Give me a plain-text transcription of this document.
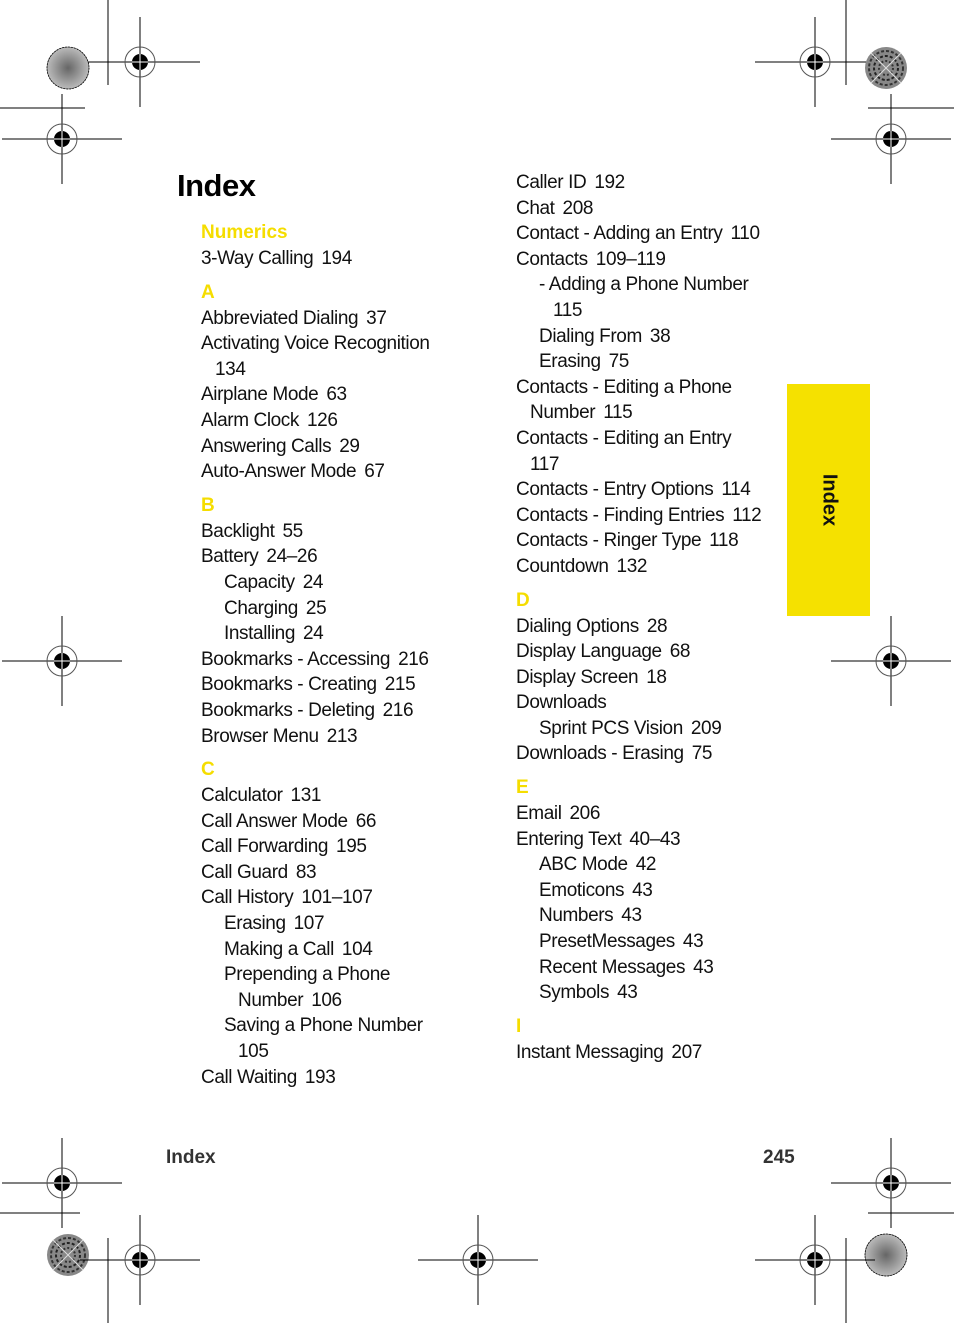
Index
Numerics
3-Way Calling 194
A
Abbreviated Dialing 37
Activating Voice Recognition
134
Airplane Mode 63
Alarm Clock 126
Answering Calls 29
Auto-Answer Mode 67
B
Backlight 55
Battery 24–26
Capacity 24
Charging 25
Installing 24
Bookmarks - Accessing 216
Bookmarks - Creating 215
Bookmarks - Deleting 216
Browser Menu 213
C
Calculator 131
Call Answer Mode 66
Call Forwarding 195
Call Guard 83
Call History 101–107
Erasing 107
Making a Call 104
Prepending a Phone
Number 106
Saving a Phone Number
105
Call Waiting 193
Caller ID 192
Chat 208
Contact - Adding an Entry 110
Contacts 109–119
- Adding a Phone Number
115
Dialing From 38
Erasing 75
Contacts - Editing a Phone
Number 115
Contacts - Editing an Entry
117
Contacts - Entry Options 114
Contacts - Finding Entries 112
Contacts - Ringer Type 118
Countdown 132
D
Dialing Options 28
Display Language 68
Display Screen 18
Downloads
Sprint PCS Vision 209
Downloads - Erasing 75
E
Email 206
Entering Text 40–43
ABC Mode 42
Emoticons 43
Numbers 43
PresetMessages 43
Recent Messages 43
Symbols 43
I
Instant Messaging 207
Index
Index	245
